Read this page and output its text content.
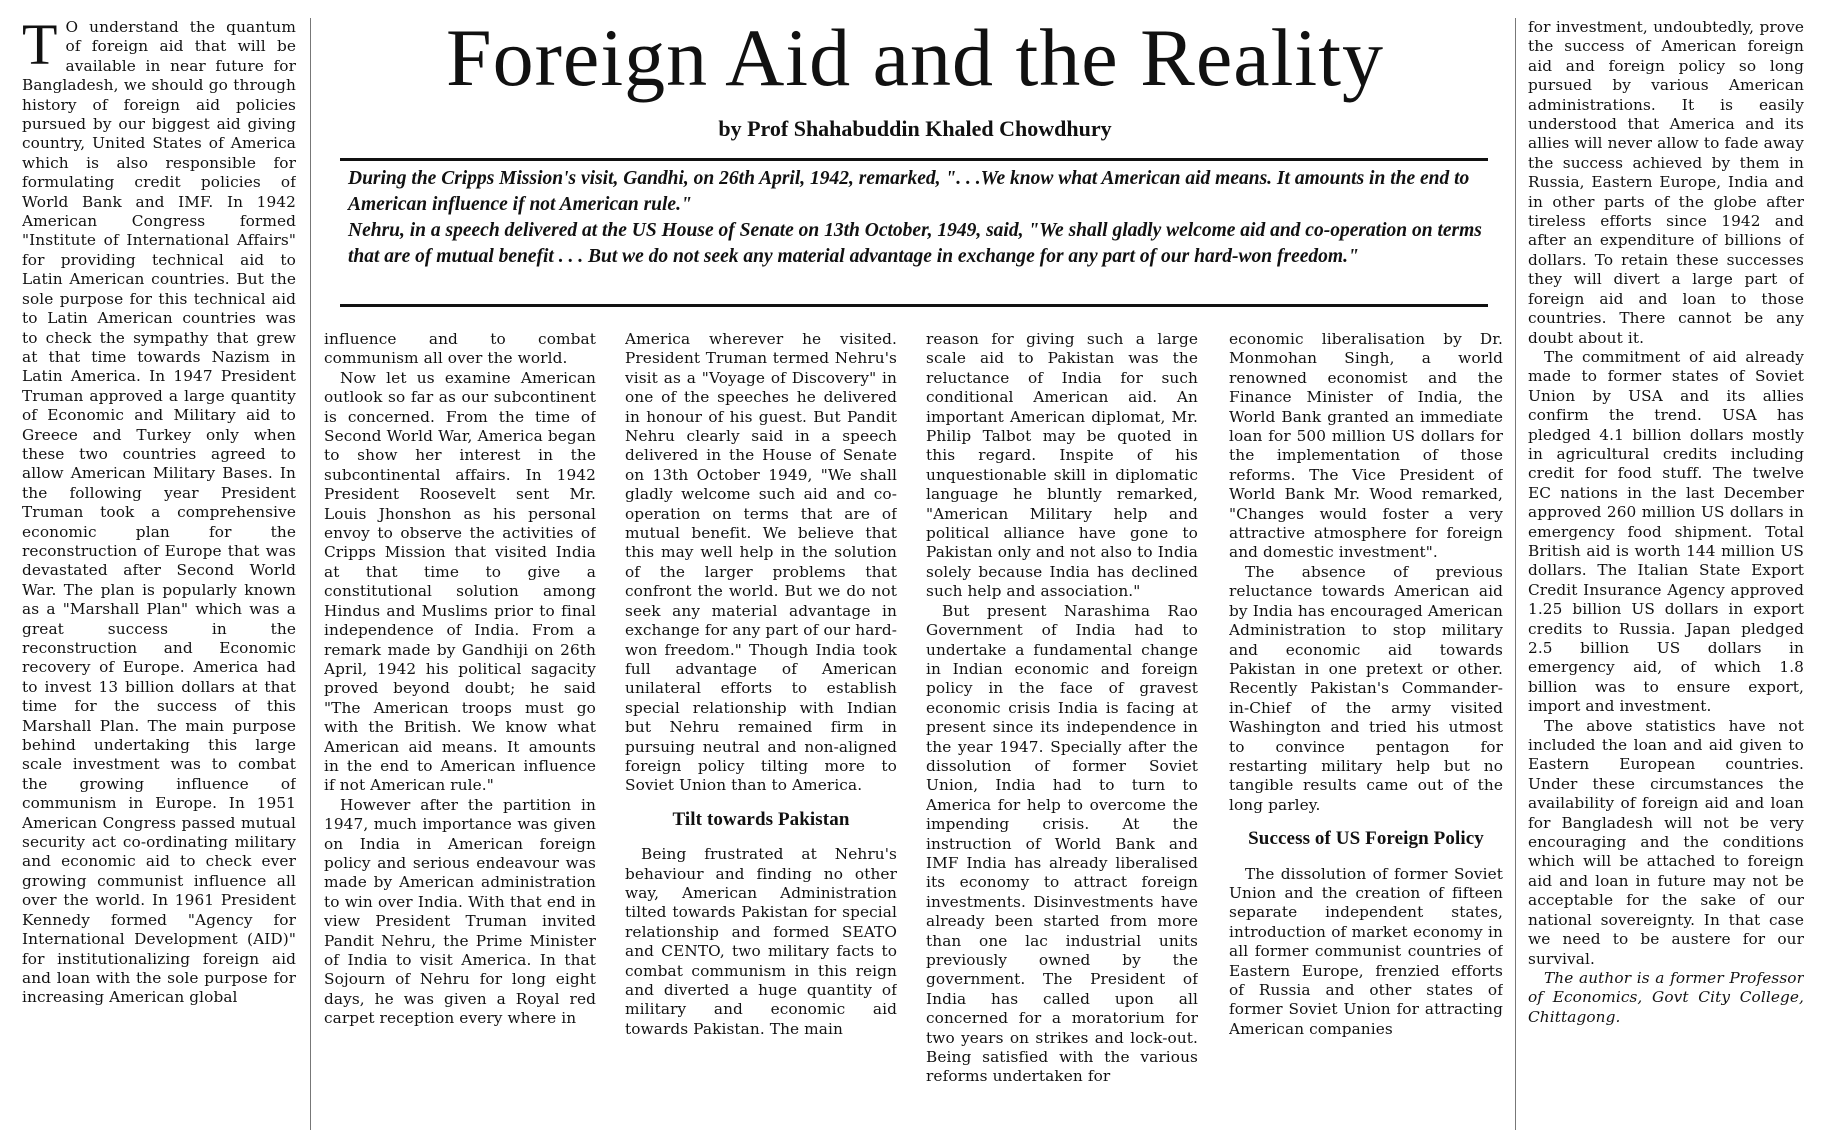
Foreign Aid and the Reality
by Prof Shahabuddin Khaled Chowdhury

During the Cripps Mission's visit, Gandhi, on 26th April, 1942, remarked, ". . .We know what American aid means. It amounts in the end to American influence if not American rule."

Nehru, in a speech delivered at the US House of Senate on 13th October, 1949, said, "We shall gladly welcome aid and co-operation on terms that are of mutual benefit . . . But we do not seek any material advantage in exchange for any part of our hard-won freedom."

T O understand the quantum of foreign aid that will be available in near future for Bangladesh, we should go through history of foreign aid policies pursued by our biggest aid giving country, United States of America which is also responsible for formulating credit policies of World Bank and IMF. In 1942 American Congress formed "Institute of International Affairs" for providing technical aid to Latin American countries. But the sole purpose for this technical aid to Latin American countries was to check the sympathy that grew at that time towards Nazism in Latin America. In 1947 President Truman approved a large quantity of Economic and Military aid to Greece and Turkey only when these two countries agreed to allow American Military Bases. In the following year President Truman took a comprehensive economic plan for the reconstruction of Europe that was devastated after Second World War. The plan is popularly known as a "Marshall Plan" which was a great success in the reconstruction and Economic recovery of Europe. America had to invest 13 billion dollars at that time for the success of this Marshall Plan. The main purpose behind undertaking this large scale investment was to combat the growing influence of communism in Europe. In 1951 American Congress passed mutual security act co-ordinating military and economic aid to check ever growing communist influence all over the world. In 1961 President Kennedy formed "Agency for International Development (AID)" for institutionalizing foreign aid and loan with the sole purpose for increasing American global

influence and to combat communism all over the world.

Now let us examine American outlook so far as our subcontinent is concerned. From the time of Second World War, America began to show her interest in the subcontinental affairs. In 1942 President Roosevelt sent Mr. Louis Jhonshon as his personal envoy to observe the activities of Cripps Mission that visited India at that time to give a constitutional solution among Hindus and Muslims prior to final independence of India. From a remark made by Gandhiji on 26th April, 1942 his political sagacity proved beyond doubt; he said "The American troops must go with the British. We know what American aid means. It amounts in the end to American influence if not American rule."

However after the partition in 1947, much importance was given on India in American foreign policy and serious endeavour was made by American administration to win over India. With that end in view President Truman invited Pandit Nehru, the Prime Minister of India to visit America. In that Sojourn of Nehru for long eight days, he was given a Royal red carpet reception every where in

America wherever he visited. President Truman termed Nehru's visit as a "Voyage of Discovery" in one of the speeches he delivered in honour of his guest. But Pandit Nehru clearly said in a speech delivered in the House of Senate on 13th October 1949, "We shall gladly welcome such aid and co-operation on terms that are of mutual benefit. We believe that this may well help in the solution of the larger problems that confront the world. But we do not seek any material advantage in exchange for any part of our hard-won freedom." Though India took full advantage of American unilateral efforts to establish special relationship with Indian but Nehru remained firm in pursuing neutral and non-aligned foreign policy tilting more to Soviet Union than to America.

Tilt towards Pakistan

Being frustrated at Nehru's behaviour and finding no other way, American Administration tilted towards Pakistan for special relationship and formed SEATO and CENTO, two military facts to combat communism in this reign and diverted a huge quantity of military and economic aid towards Pakistan. The main

reason for giving such a large scale aid to Pakistan was the reluctance of India for such conditional American aid. An important American diplomat, Mr. Philip Talbot may be quoted in this regard. Inspite of his unquestionable skill in diplomatic language he bluntly remarked, "American Military help and political alliance have gone to Pakistan only and not also to India solely because India has declined such help and association."

But present Narashima Rao Government of India had to undertake a fundamental change in Indian economic and foreign policy in the face of gravest economic crisis India is facing at present since its independence in the year 1947. Specially after the dissolution of former Soviet Union, India had to turn to America for help to overcome the impending crisis. At the instruction of World Bank and IMF India has already liberalised its economy to attract foreign investments. Disinvestments have already been started from more than one lac industrial units previously owned by the government. The President of India has called upon all concerned for a moratorium for two years on strikes and lock-out. Being satisfied with the various reforms undertaken for

economic liberalisation by Dr. Monmohan Singh, a world renowned economist and the Finance Minister of India, the World Bank granted an immediate loan for 500 million US dollars for the implementation of those reforms. The Vice President of World Bank Mr. Wood remarked, "Changes would foster a very attractive atmosphere for foreign and domestic investment".

The absence of previous reluctance towards American aid by India has encouraged American Administration to stop military and economic aid towards Pakistan in one pretext or other. Recently Pakistan's Commander-in-Chief of the army visited Washington and tried his utmost to convince pentagon for restarting military help but no tangible results came out of the long parley.

Success of US Foreign Policy

The dissolution of former Soviet Union and the creation of fifteen separate independent states, introduction of market economy in all former communist countries of Eastern Europe, frenzied efforts of Russia and other states of former Soviet Union for attracting American companies

for investment, undoubtedly, prove the success of American foreign aid and foreign policy so long pursued by various American administrations. It is easily understood that America and its allies will never allow to fade away the success achieved by them in Russia, Eastern Europe, India and in other parts of the globe after tireless efforts since 1942 and after an expenditure of billions of dollars. To retain these successes they will divert a large part of foreign aid and loan to those countries. There cannot be any doubt about it.

The commitment of aid already made to former states of Soviet Union by USA and its allies confirm the trend. USA has pledged 4.1 billion dollars mostly in agricultural credits including credit for food stuff. The twelve EC nations in the last December approved 260 million US dollars in emergency food shipment. Total British aid is worth 144 million US dollars. The Italian State Export Credit Insurance Agency approved 1.25 billion US dollars in export credits to Russia. Japan pledged 2.5 billion US dollars in emergency aid, of which 1.8 billion was to ensure export, import and investment.

The above statistics have not included the loan and aid given to Eastern European countries. Under these circumstances the availability of foreign aid and loan for Bangladesh will not be very encouraging and the conditions which will be attached to foreign aid and loan in future may not be acceptable for the sake of our national sovereignty. In that case we need to be austere for our survival.

The author is a former Professor of Economics, Govt City College, Chittagong.
